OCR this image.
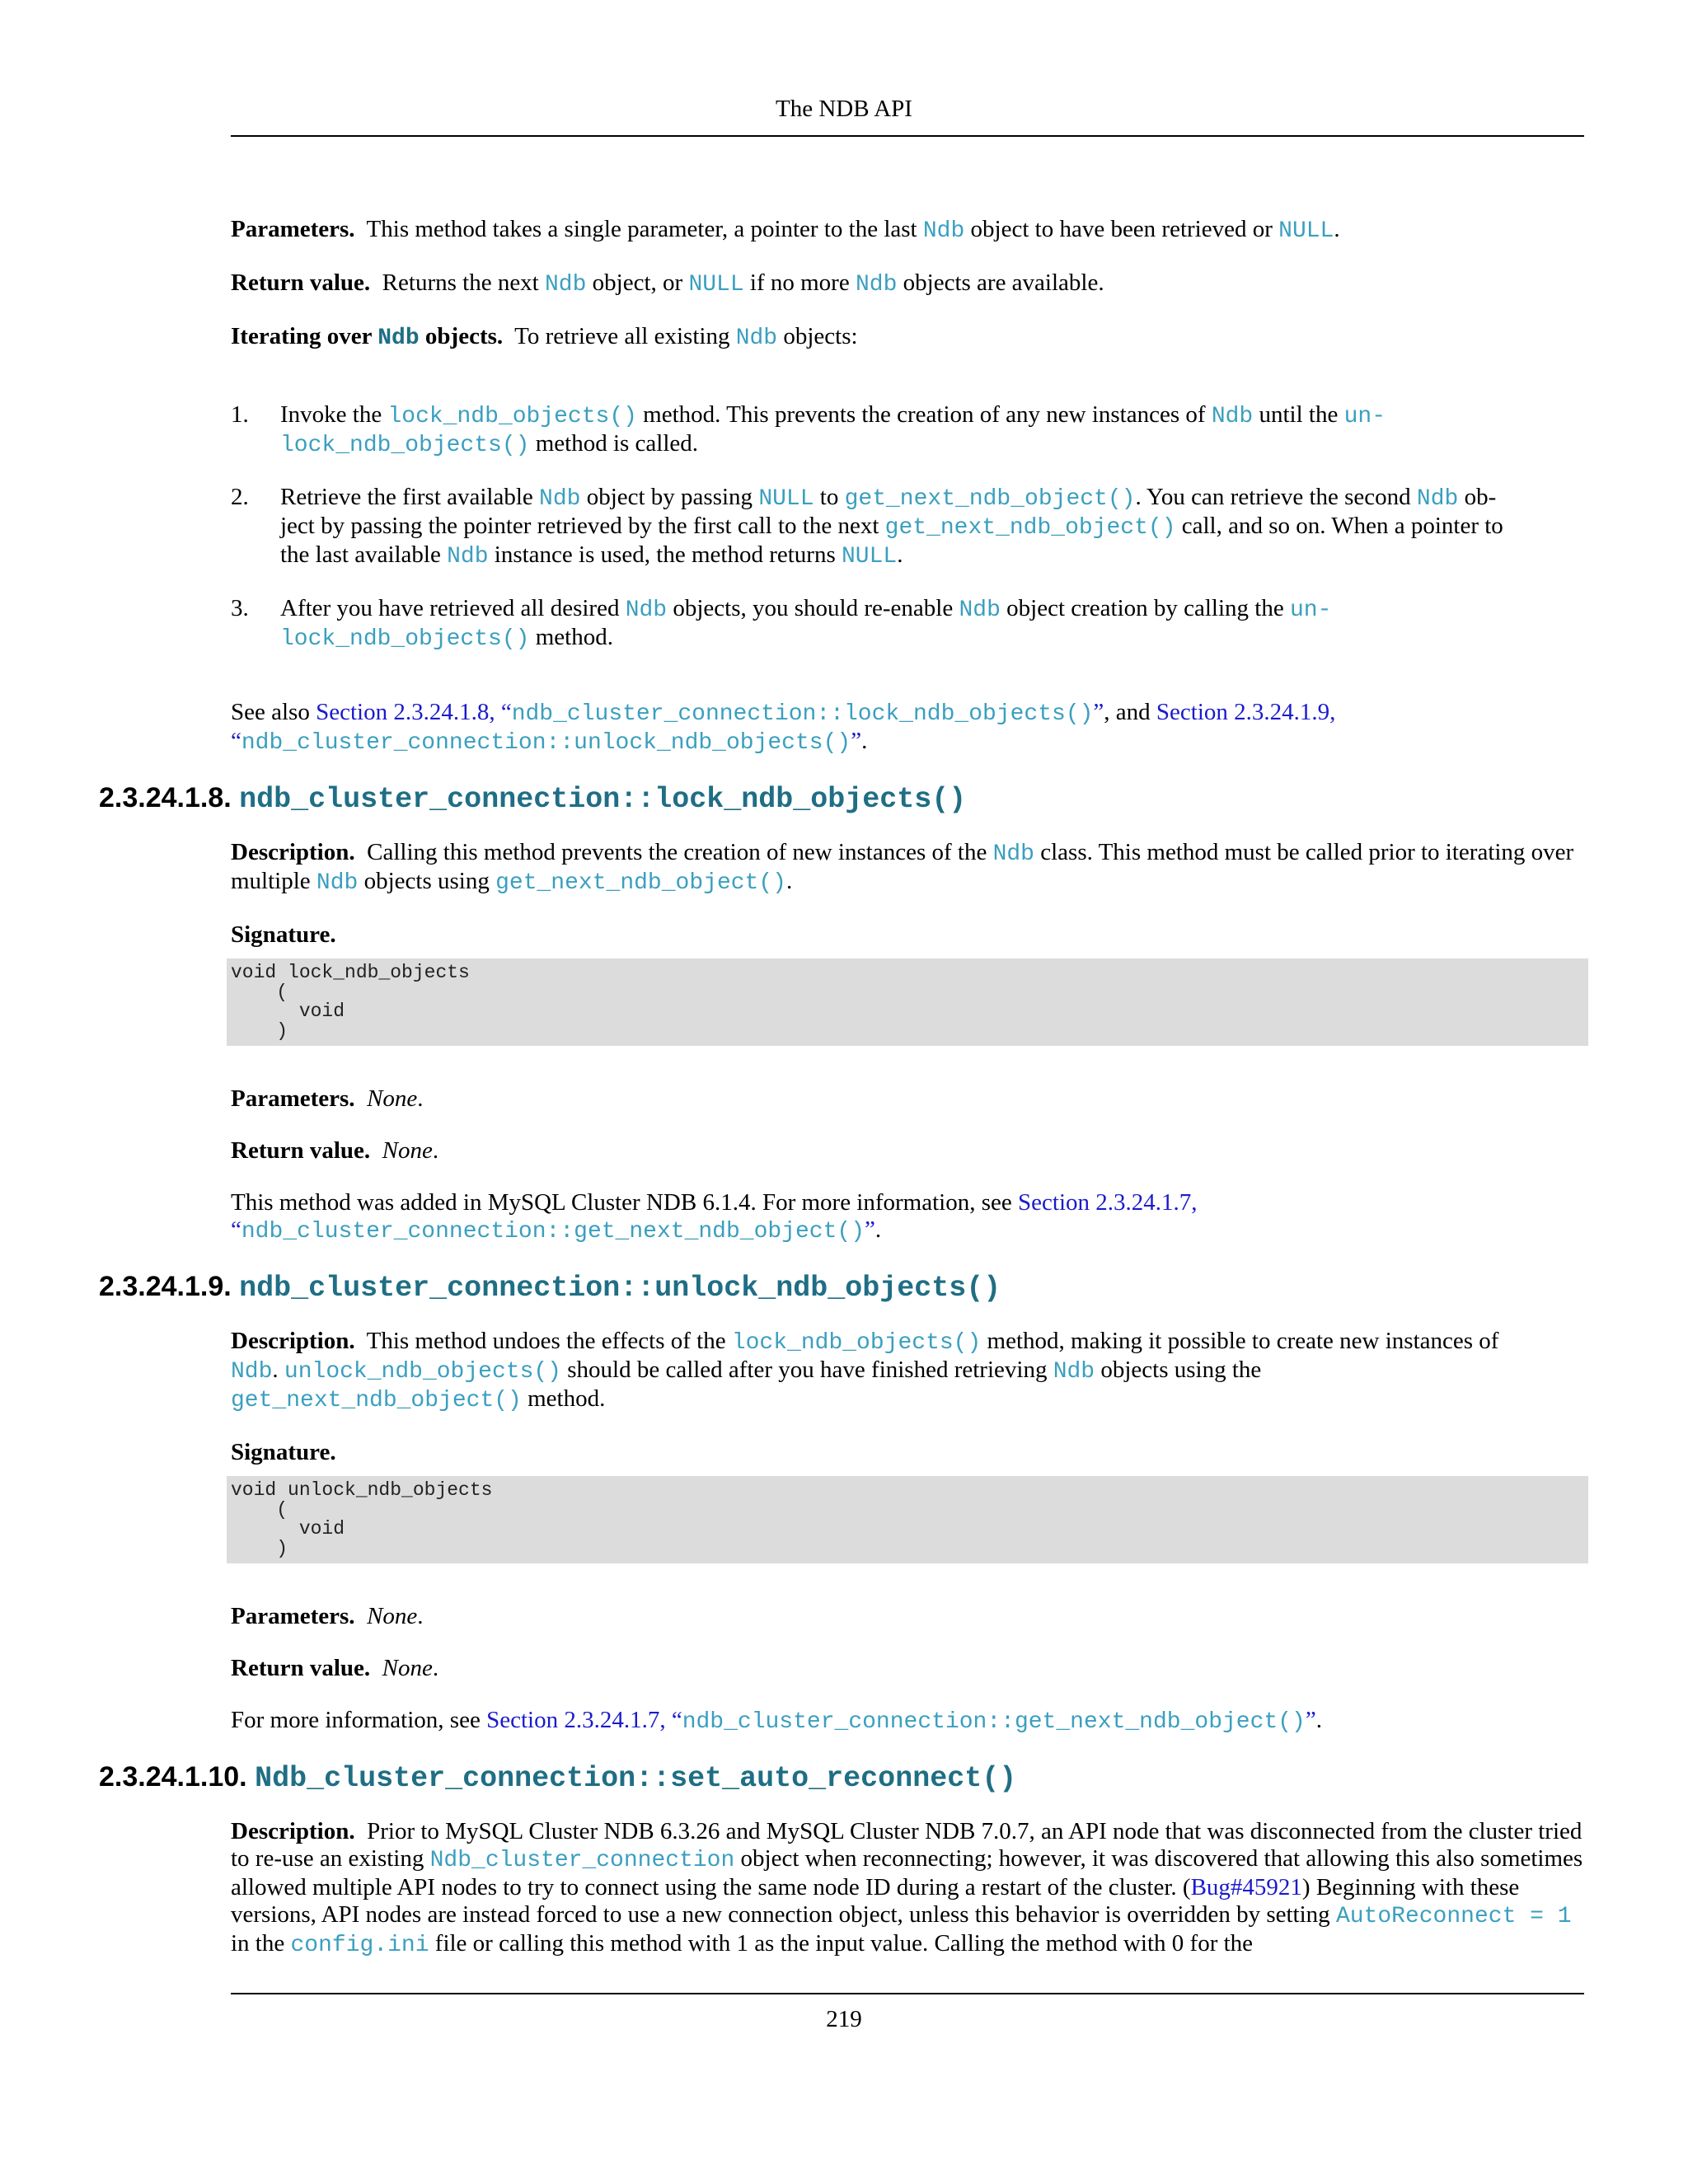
The NDB API

Parameters. This method takes a single parameter, a pointer to the last Ndb object to have been retrieved or NULL.

Return value. Returns the next Ndb object, or NULL if no more Ndb objects are available.

Iterating over Ndb objects. To retrieve all existing Ndb objects:

1. Invoke the lock_ndb_objects() method. This prevents the creation of any new instances of Ndb until the un-
lock_ndb_objects() method is called.
2. Retrieve the first available Ndb object by passing NULL to get_next_ndb_object(). You can retrieve the second Ndb ob-
ject by passing the pointer retrieved by the first call to the next get_next_ndb_object() call, and so on. When a pointer to
the last available Ndb instance is used, the method returns NULL.
3. After you have retrieved all desired Ndb objects, you should re-enable Ndb object creation by calling the un-
lock_ndb_objects() method.

See also Section 2.3.24.1.8, “ndb_cluster_connection::lock_ndb_objects()”, and Section 2.3.24.1.9,
“ndb_cluster_connection::unlock_ndb_objects()”.

2.3.24.1.8. ndb_cluster_connection::lock_ndb_objects()

Description. Calling this method prevents the creation of new instances of the Ndb class. This method must be called prior to iterating over multiple Ndb objects using get_next_ndb_object().

Signature.

void lock_ndb_objects
(
void
)

Parameters. None.

Return value. None.

This method was added in MySQL Cluster NDB 6.1.4. For more information, see Section 2.3.24.1.7,
“ndb_cluster_connection::get_next_ndb_object()”.

2.3.24.1.9. ndb_cluster_connection::unlock_ndb_objects()

Description. This method undoes the effects of the lock_ndb_objects() method, making it possible to create new instances of
Ndb. unlock_ndb_objects() should be called after you have finished retrieving Ndb objects using the
get_next_ndb_object() method.

Signature.

void unlock_ndb_objects
(
void
)

Parameters. None.

Return value. None.

For more information, see Section 2.3.24.1.7, “ndb_cluster_connection::get_next_ndb_object()”.

2.3.24.1.10. Ndb_cluster_connection::set_auto_reconnect()

Description. Prior to MySQL Cluster NDB 6.3.26 and MySQL Cluster NDB 7.0.7, an API node that was disconnected from the cluster tried to re-use an existing Ndb_cluster_connection object when reconnecting; however, it was discovered that allowing this also sometimes allowed multiple API nodes to try to connect using the same node ID during a restart of the cluster. (Bug#45921) Beginning with these versions, API nodes are instead forced to use a new connection object, unless this behavior is overridden by setting AutoReconnect = 1 in the config.ini file or calling this method with 1 as the input value. Calling the method with 0 for the

219
